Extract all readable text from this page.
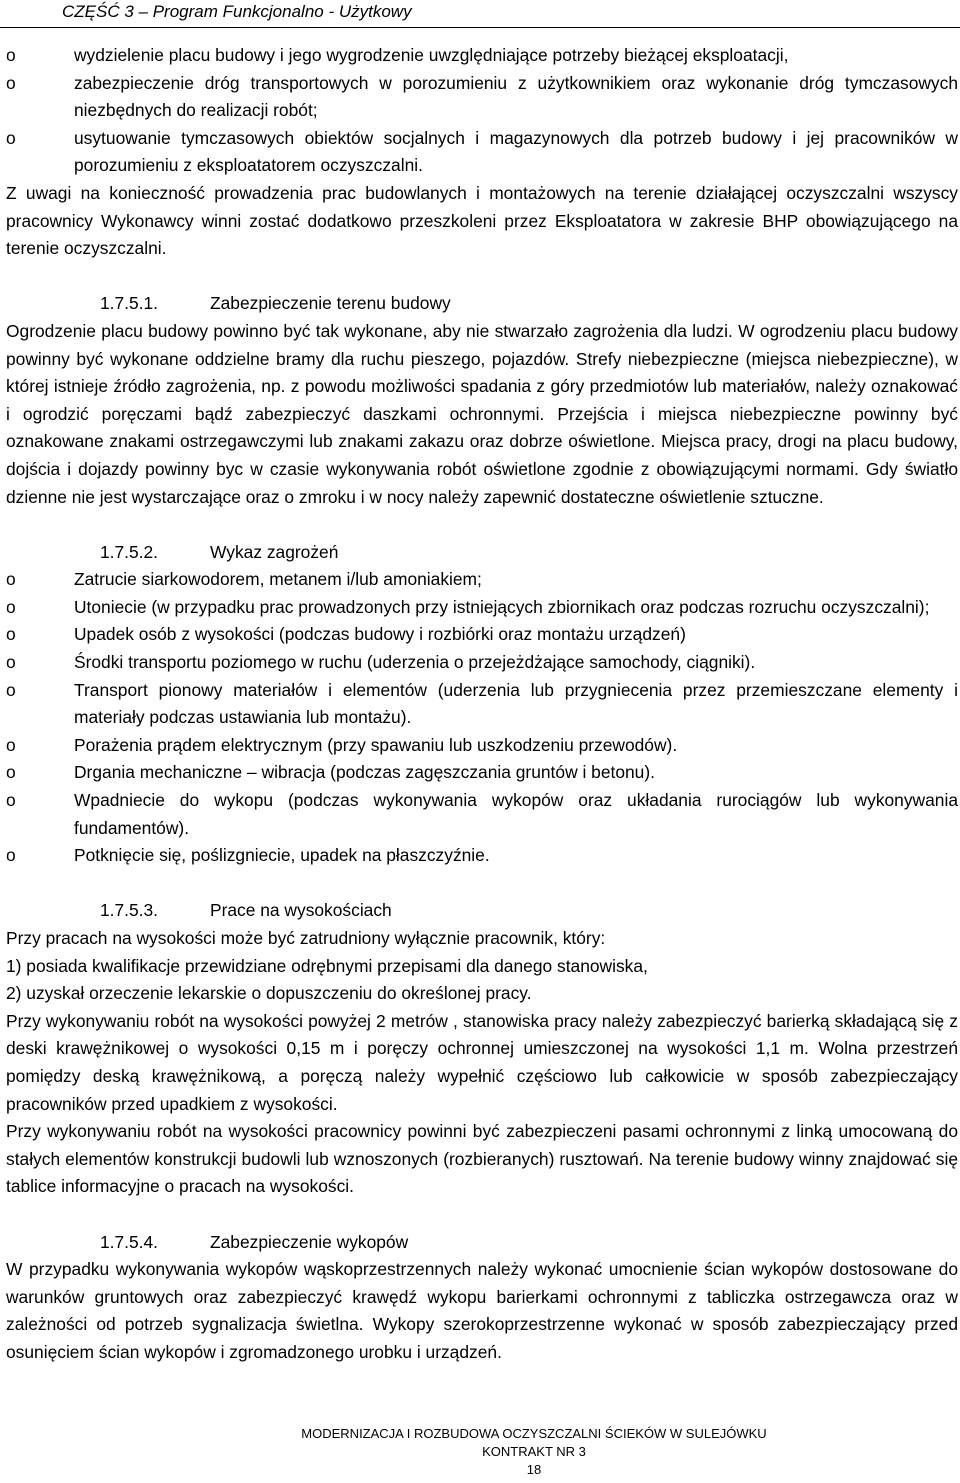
CZĘŚĆ 3 – Program Funkcjonalno - Użytkowy
o	wydzielenie placu budowy i jego wygrodzenie uwzględniające potrzeby bieżącej eksploatacji,
o	zabezpieczenie dróg transportowych w porozumieniu z użytkownikiem oraz wykonanie dróg tymczasowych niezbędnych do realizacji robót;
o	usytuowanie tymczasowych obiektów socjalnych i magazynowych dla potrzeb budowy i jej pracowników w porozumieniu z eksploatatorem oczyszczalni.

Z uwagi na konieczność prowadzenia prac budowlanych i montażowych na terenie działającej oczyszczalni wszyscy pracownicy Wykonawcy winni zostać dodatkowo przeszkoleni przez Eksploatatora w zakresie BHP obowiązującego na terenie oczyszczalni.

1.7.5.1.	Zabezpieczenie terenu budowy

Ogrodzenie placu budowy powinno być tak wykonane, aby nie stwarzało zagrożenia dla ludzi. W ogrodzeniu placu budowy powinny być wykonane oddzielne bramy dla ruchu pieszego, pojazdów. Strefy niebezpieczne (miejsca niebezpieczne), w której istnieje źródło zagrożenia, np. z powodu możliwości spadania z góry przedmiotów lub materiałów, należy oznakować i ogrodzić poręczami bądź zabezpieczyć daszkami ochronnymi. Przejścia i miejsca niebezpieczne powinny być oznakowane znakami ostrzegawczymi lub znakami zakazu oraz dobrze oświetlone. Miejsca pracy, drogi na placu budowy, dojścia i dojazdy powinny byc w czasie wykonywania robót oświetlone zgodnie z obowiązującymi normami. Gdy światło dzienne nie jest wystarczające oraz o zmroku i w nocy należy zapewnić dostateczne oświetlenie sztuczne.

1.7.5.2.	Wykaz zagrożeń

o	Zatrucie siarkowodorem, metanem i/lub amoniakiem;
o	Utoniecie (w przypadku prac prowadzonych przy istniejących zbiornikach oraz podczas rozruchu oczyszczalni);
o	Upadek osób z wysokości (podczas budowy i rozbiórki oraz montażu urządzeń)
o	Środki transportu poziomego w ruchu (uderzenia o przejeżdżające samochody, ciągniki).
o	Transport pionowy materiałów i elementów (uderzenia lub przygniecenia przez przemieszczane elementy i materiały podczas ustawiania lub montażu).
o	Porażenia prądem elektrycznym (przy spawaniu lub uszkodzeniu przewodów).
o	Drgania mechaniczne – wibracja (podczas zagęszczania gruntów i betonu).
o	Wpadniecie do wykopu (podczas wykonywania wykopów oraz układania rurociągów lub wykonywania fundamentów).
o	Potknięcie się, poślizgniecie, upadek na płaszczyźnie.

1.7.5.3.	Prace na wysokościach

Przy pracach na wysokości może być zatrudniony wyłącznie pracownik, który:

1) posiada kwalifikacje przewidziane odrębnymi przepisami dla danego stanowiska,

2) uzyskał orzeczenie lekarskie o dopuszczeniu do określonej pracy.

Przy wykonywaniu robót na wysokości powyżej 2 metrów , stanowiska pracy należy zabezpieczyć barierką składającą się z deski krawężnikowej o wysokości 0,15 m i poręczy ochronnej umieszczonej na wysokości 1,1 m. Wolna przestrzeń pomiędzy deską krawężnikową, a poręczą należy wypełnić częściowo lub całkowicie w sposób zabezpieczający pracowników przed upadkiem z wysokości.

Przy wykonywaniu robót na wysokości pracownicy powinni być zabezpieczeni pasami ochronnymi z linką umocowaną do stałych elementów konstrukcji budowli lub wznoszonych (rozbieranych) rusztowań. Na terenie budowy winny znajdować się tablice informacyjne o pracach na wysokości.

1.7.5.4.	Zabezpieczenie wykopów

W przypadku wykonywania wykopów wąskoprzestrzennych należy wykonać umocnienie ścian wykopów dostosowane do warunków gruntowych oraz zabezpieczyć krawędź wykopu barierkami ochronnymi z tabliczka ostrzegawcza oraz w zależności od potrzeb sygnalizacja świetlna. Wykopy szerokoprzestrzenne wykonać w sposób zabezpieczający przed osunięciem ścian wykopów i zgromadzonego urobku i urządzeń.

MODERNIZACJA I ROZBUDOWA OCZYSZCZALNI ŚCIEKÓW W SULEJÓWKU
KONTRAKT NR 3
18
